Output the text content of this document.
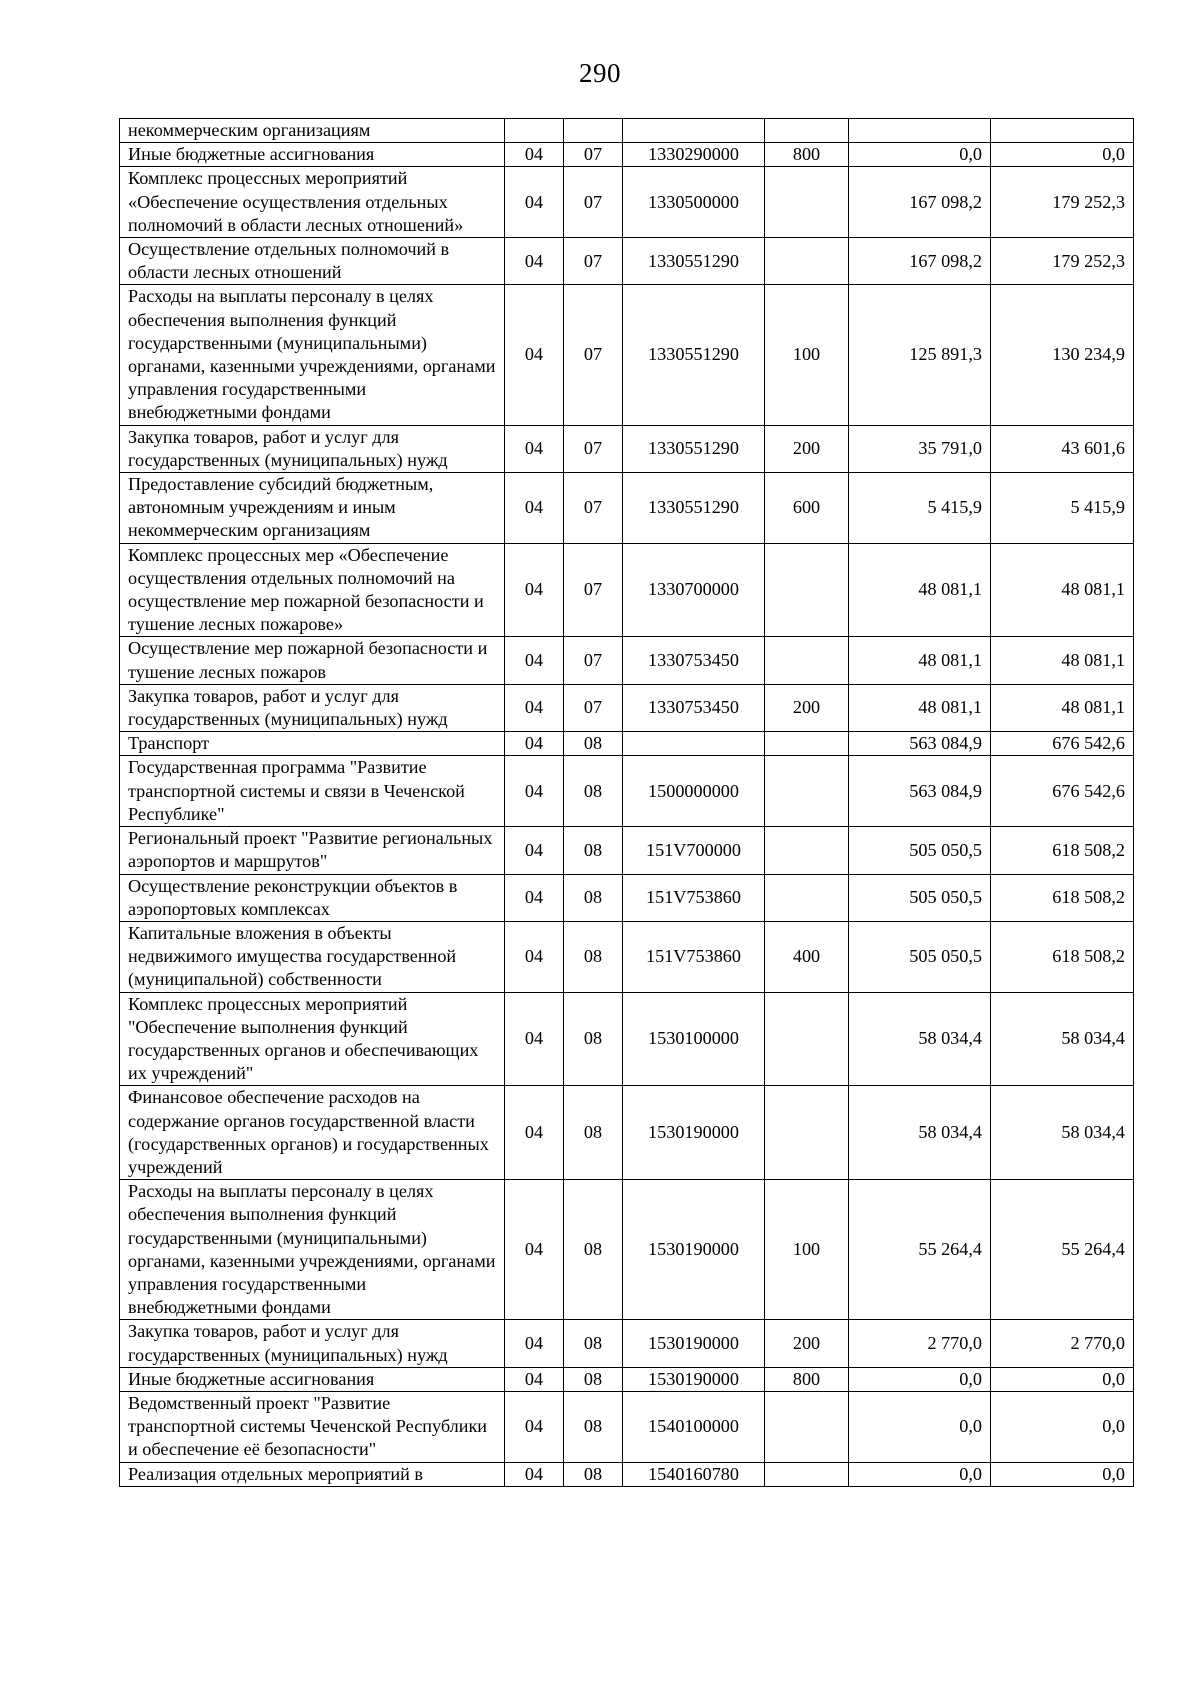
290
некоммерческим организациям						
Иные бюджетные ассигнования	04	07	1330290000	800	0,0	0,0
Комплекс процессных мероприятий «Обеспечение осуществления отдельных полномочий в области лесных отношений»	04	07	1330500000		167 098,2	179 252,3
Осуществление отдельных полномочий в области лесных отношений	04	07	1330551290		167 098,2	179 252,3
Расходы на выплаты персоналу в целях обеспечения выполнения функций государственными (муниципальными) органами, казенными учреждениями, органами управления государственными внебюджетными фондами	04	07	1330551290	100	125 891,3	130 234,9
Закупка товаров, работ и услуг для государственных (муниципальных) нужд	04	07	1330551290	200	35 791,0	43 601,6
Предоставление субсидий бюджетным, автономным учреждениям и иным некоммерческим организациям	04	07	1330551290	600	5 415,9	5 415,9
Комплекс процессных мер «Обеспечение осуществления отдельных полномочий на осуществление мер пожарной безопасности и тушение лесных пожарове»	04	07	1330700000		48 081,1	48 081,1
Осуществление мер пожарной безопасности и тушение лесных пожаров	04	07	1330753450		48 081,1	48 081,1
Закупка товаров, работ и услуг для государственных (муниципальных) нужд	04	07	1330753450	200	48 081,1	48 081,1
Транспорт	04	08			563 084,9	676 542,6
Государственная программа "Развитие транспортной системы и связи в Чеченской Республике"	04	08	1500000000		563 084,9	676 542,6
Региональный проект "Развитие региональных аэропортов и маршрутов"	04	08	151V700000		505 050,5	618 508,2
Осуществление реконструкции объектов в аэропортовых комплексах	04	08	151V753860		505 050,5	618 508,2
Капитальные вложения в объекты недвижимого имущества государственной (муниципальной) собственности	04	08	151V753860	400	505 050,5	618 508,2
Комплекс процессных мероприятий "Обеспечение выполнения функций государственных органов и обеспечивающих их учреждений"	04	08	1530100000		58 034,4	58 034,4
Финансовое обеспечение расходов на содержание органов государственной власти (государственных органов) и государственных учреждений	04	08	1530190000		58 034,4	58 034,4
Расходы на выплаты персоналу в целях обеспечения выполнения функций государственными (муниципальными) органами, казенными учреждениями, органами управления государственными внебюджетными фондами	04	08	1530190000	100	55 264,4	55 264,4
Закупка товаров, работ и услуг для государственных (муниципальных) нужд	04	08	1530190000	200	2 770,0	2 770,0
Иные бюджетные ассигнования	04	08	1530190000	800	0,0	0,0
Ведомственный проект "Развитие транспортной системы Чеченской Республики и обеспечение её безопасности"	04	08	1540100000		0,0	0,0
Реализация отдельных мероприятий в	04	08	1540160780		0,0	0,0
